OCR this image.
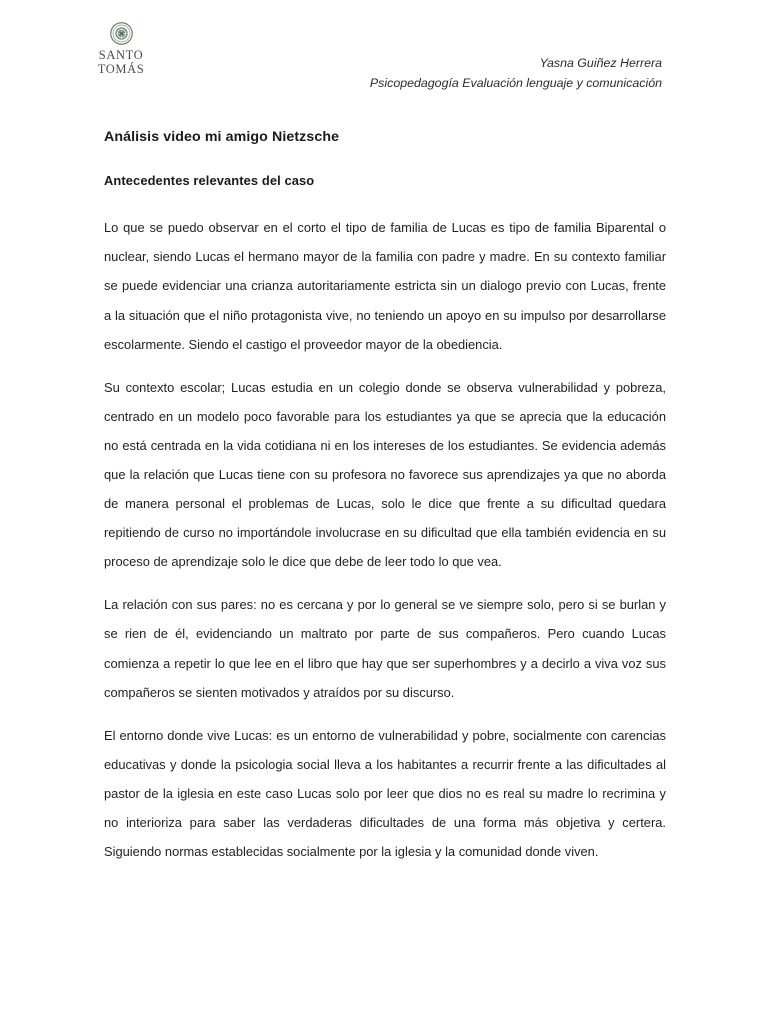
SANTO
TOMÁS	Yasna Guiñez Herrera
Psicopedagogía Evaluación lenguaje y comunicación
Análisis video mi amigo Nietzsche
Antecedentes relevantes del caso

Lo que se puedo observar en el corto el tipo de familia de Lucas es tipo de familia Biparental o nuclear, siendo Lucas el hermano mayor de la familia con padre y madre. En su contexto familiar se puede evidenciar una crianza autoritariamente estricta sin un dialogo previo con Lucas, frente a la situación que el niño protagonista vive, no teniendo un apoyo en su impulso por desarrollarse escolarmente. Siendo el castigo el proveedor mayor de la obediencia.

Su contexto escolar; Lucas estudia en un colegio donde se observa vulnerabilidad y pobreza, centrado en un modelo poco favorable para los estudiantes ya que se aprecia que la educación no está centrada en la vida cotidiana ni en los intereses de los estudiantes. Se evidencia además que la relación que Lucas tiene con su profesora no favorece sus aprendizajes ya que no aborda de manera personal el problemas de Lucas, solo le dice que frente a su dificultad quedara repitiendo de curso no importándole involucrase en su dificultad que ella también evidencia en su proceso de aprendizaje solo le dice que debe de leer todo lo que vea.

La relación con sus pares: no es cercana y por lo general se ve siempre solo, pero si se burlan y se rien de él, evidenciando un maltrato por parte de sus compañeros. Pero cuando Lucas comienza a repetir lo que lee en el libro que hay que ser superhombres y a decirlo a viva voz sus compañeros se sienten motivados y atraídos por su discurso.

El entorno donde vive Lucas: es un entorno de vulnerabilidad y pobre, socialmente con carencias educativas y donde la psicologia social lleva a los habitantes a recurrir frente a las dificultades al pastor de la iglesia en este caso Lucas solo por leer que dios no es real su madre lo recrimina y no interioriza para saber las verdaderas dificultades de una forma más objetiva y certera. Siguiendo normas establecidas socialmente por la iglesia y la comunidad donde viven.
